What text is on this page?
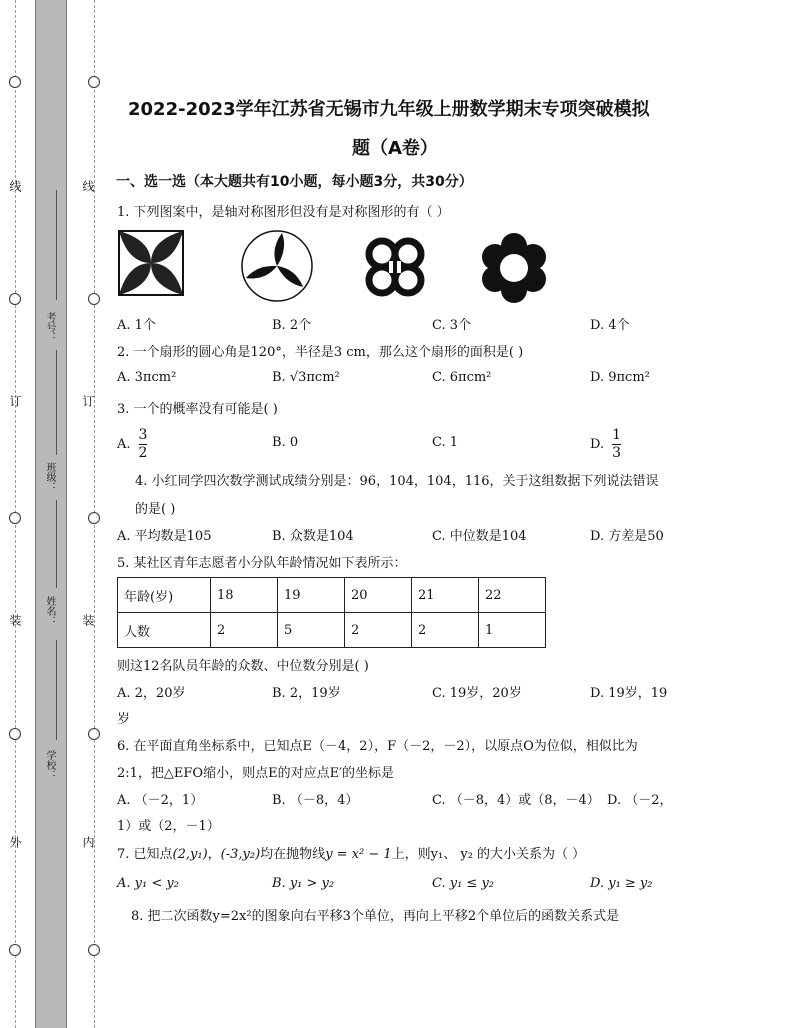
线
订
装
外
线
订
装
内
考号：
班级：
姓名：
学校：
2022-2023学年江苏省无锡市九年级上册数学期末专项突破模拟
题（A卷）
一、选一选（本大题共有10小题，每小题3分，共30分）
1. 下列图案中，是轴对称图形但没有是对称图形的有（ ）
A. 1个	B. 2个	C. 3个	D. 4个
2. 一个扇形的圆心角是120°，半径是3 cm，那么这个扇形的面积是( )
A. 3πcm²	B. √3πcm²	C. 6πcm²	D. 9πcm²
3. 一个的概率没有可能是( )
A. $\frac{3}{2}$	B. 0	C. 1	D. $\frac{1}{3}$
4. 小红同学四次数学测试成绩分别是：96，104，104，116，关于这组数据下列说法错误
的是( )
A. 平均数是105	B. 众数是104	C. 中位数是104	D. 方差是50
5. 某社区青年志愿者小分队年龄情况如下表所示：
年龄(岁)	18	19	20	21	22
人数	2	5	2	2	1
则这12名队员年龄的众数、中位数分别是( )
A. 2，20岁	B. 2，19岁	C. 19岁，20岁	D. 19岁，19
岁
6. 在平面直角坐标系中，已知点E（－4，2），F（－2，－2），以原点O为位似，相似比为
2:1，把△EFO缩小，则点E的对应点E′的坐标是
A. （－2，1）	B. （－8，4）	C. （－8，4）或（8，－4） D. （－2，
1）或（2，－1）
7. 已知点(2,y₁)，(-3,y₂)均在抛物线y = x² − 1上，则y₁、 y₂ 的大小关系为（ ）
A. y₁ < y₂	B. y₁ > y₂	C. y₁ ≤ y₂	D. y₁ ≥ y₂
8. 把二次函数y=2x²的图象向右平移3个单位，再向上平移2个单位后的函数关系式是
